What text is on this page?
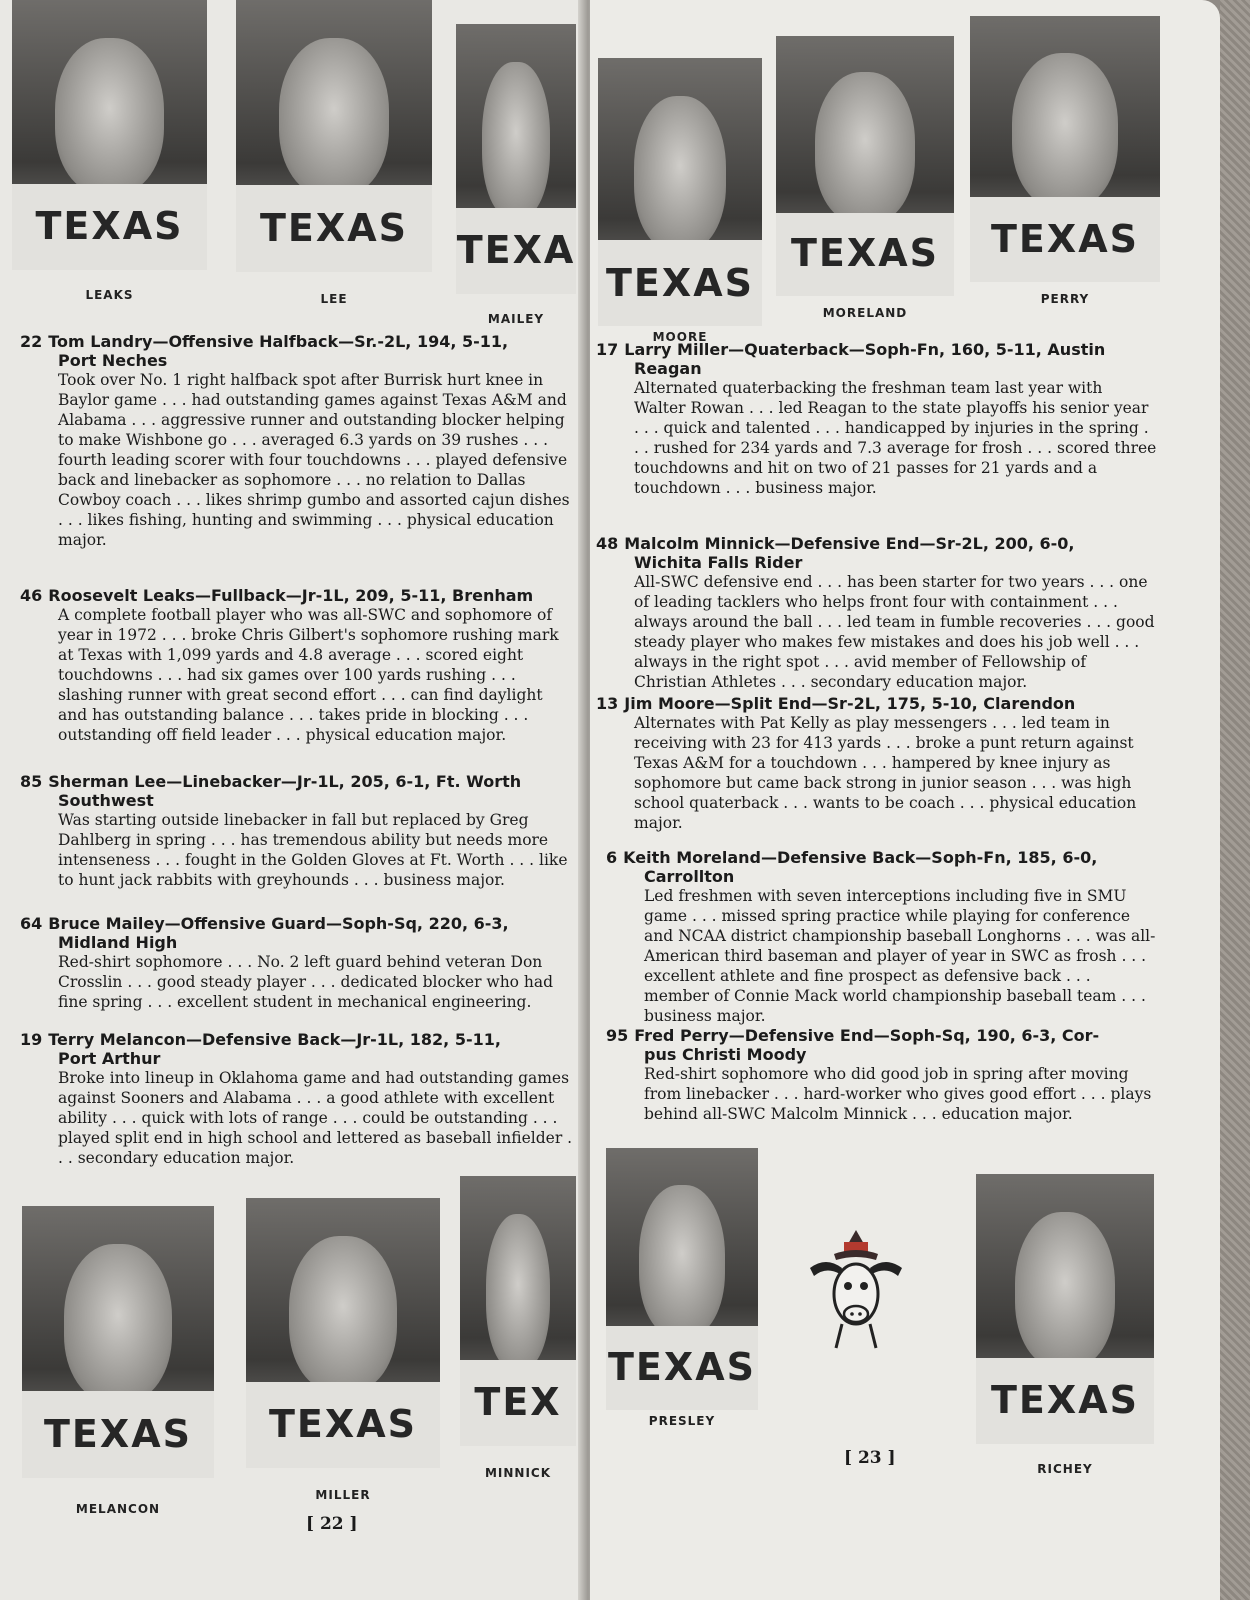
TEXAS
LEAKS
TEXAS
LEE
TEXA
MAILEY
22 Tom Landry—Offensive Halfback—Sr.-2L, 194, 5-11,
Port Neches
Took over No. 1 right halfback spot after Burrisk hurt knee in Baylor game . . . had outstanding games against Texas A&M and Alabama . . . aggressive runner and outstanding blocker helping to make Wishbone go . . . averaged 6.3 yards on 39 rushes . . . fourth leading scorer with four touchdowns . . . played defensive back and linebacker as sophomore . . . no relation to Dallas Cowboy coach . . . likes shrimp gumbo and assorted cajun dishes . . . likes fishing, hunting and swimming . . . physical education major.
46 Roosevelt Leaks—Fullback—Jr-1L, 209, 5-11, Brenham
A complete football player who was all-SWC and sophomore of year in 1972 . . . broke Chris Gilbert's sophomore rushing mark at Texas with 1,099 yards and 4.8 average . . . scored eight touchdowns . . . had six games over 100 yards rushing . . . slashing runner with great second effort . . . can find daylight and has outstanding balance . . . takes pride in blocking . . . outstanding off field leader . . . physical education major.
85 Sherman Lee—Linebacker—Jr-1L, 205, 6-1, Ft. Worth
Southwest
Was starting outside linebacker in fall but replaced by Greg Dahlberg in spring . . . has tremendous ability but needs more intenseness . . . fought in the Golden Gloves at Ft. Worth . . . like to hunt jack rabbits with greyhounds . . . business major.
64 Bruce Mailey—Offensive Guard—Soph-Sq, 220, 6-3,
Midland High
Red-shirt sophomore . . . No. 2 left guard behind veteran Don Crosslin . . . good steady player . . . dedicated blocker who had fine spring . . . excellent student in mechanical engineering.
19 Terry Melancon—Defensive Back—Jr-1L, 182, 5-11,
Port Arthur
Broke into lineup in Oklahoma game and had outstanding games against Sooners and Alabama . . . a good athlete with excellent ability . . . quick with lots of range . . . could be outstanding . . . played split end in high school and lettered as baseball infielder . . . secondary education major.
TEXAS
MELANCON
TEXAS
MILLER
TEX
MINNICK
[ 22 ]
TEXAS
MOORE
TEXAS
MORELAND
TEXAS
PERRY
17 Larry Miller—Quaterback—Soph-Fn, 160, 5-11, Austin
Reagan
Alternated quaterbacking the freshman team last year with Walter Rowan . . . led Reagan to the state playoffs his senior year . . . quick and talented . . . handicapped by injuries in the spring . . . rushed for 234 yards and 7.3 average for frosh . . . scored three touchdowns and hit on two of 21 passes for 21 yards and a touchdown . . . business major.
48 Malcolm Minnick—Defensive End—Sr-2L, 200, 6-0,
Wichita Falls Rider
All-SWC defensive end . . . has been starter for two years . . . one of leading tacklers who helps front four with containment . . . always around the ball . . . led team in fumble recoveries . . . good steady player who makes few mistakes and does his job well . . . always in the right spot . . . avid member of Fellowship of Christian Athletes . . . secondary education major.
13 Jim Moore—Split End—Sr-2L, 175, 5-10, Clarendon
Alternates with Pat Kelly as play messengers . . . led team in receiving with 23 for 413 yards . . . broke a punt return against Texas A&M for a touchdown . . . hampered by knee injury as sophomore but came back strong in junior season . . . was high school quaterback . . . wants to be coach . . . physical education major.
6 Keith Moreland—Defensive Back—Soph-Fn, 185, 6-0,
Carrollton
Led freshmen with seven interceptions including five in SMU game . . . missed spring practice while playing for conference and NCAA district championship baseball Longhorns . . . was all-American third baseman and player of year in SWC as frosh . . . excellent athlete and fine prospect as defensive back . . . member of Connie Mack world championship baseball team . . . business major.
95 Fred Perry—Defensive End—Soph-Sq, 190, 6-3, Cor-
pus Christi Moody
Red-shirt sophomore who did good job in spring after moving from linebacker . . . hard-worker who gives good effort . . . plays behind all-SWC Malcolm Minnick . . . education major.
TEXAS
PRESLEY	TEXAS
RICHEY
[ 23 ]
